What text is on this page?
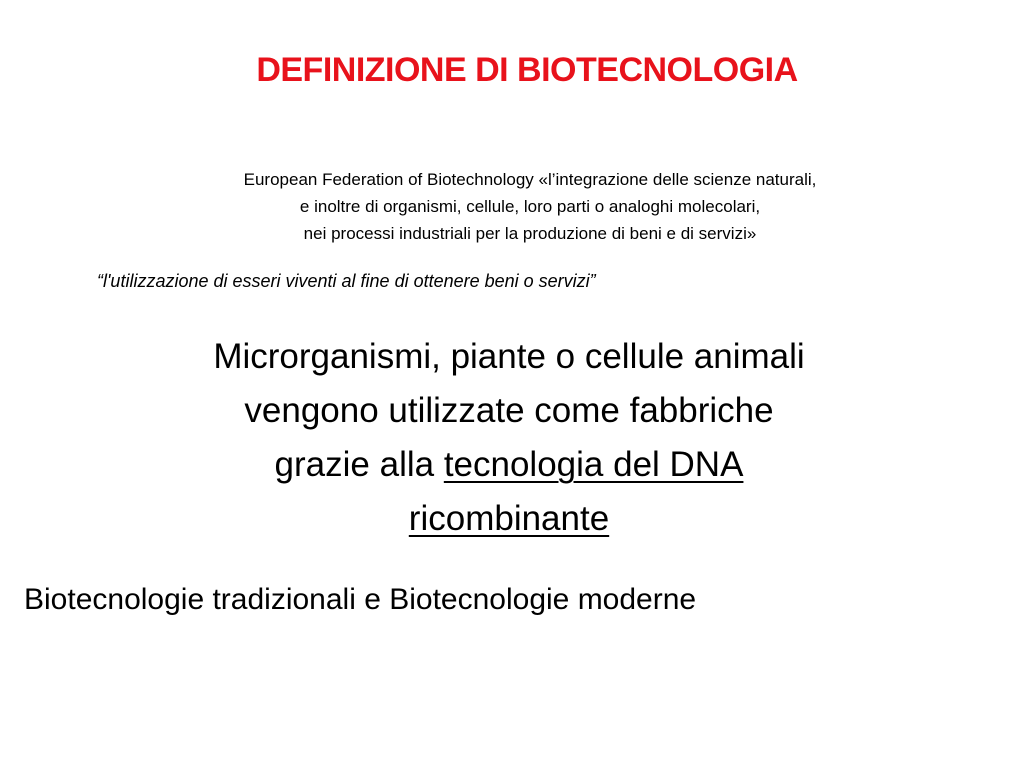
DEFINIZIONE DI BIOTECNOLOGIA
European Federation of Biotechnology «l’integrazione delle scienze naturali,
e inoltre di organismi, cellule, loro parti o analoghi molecolari,
nei processi industriali per la produzione di beni e di servizi»
“l'utilizzazione di esseri viventi al fine di ottenere beni o servizi”
Microrganismi, piante o cellule animali
vengono utilizzate come fabbriche
grazie alla tecnologia del DNA
ricombinante
Biotecnologie tradizionali e Biotecnologie moderne
